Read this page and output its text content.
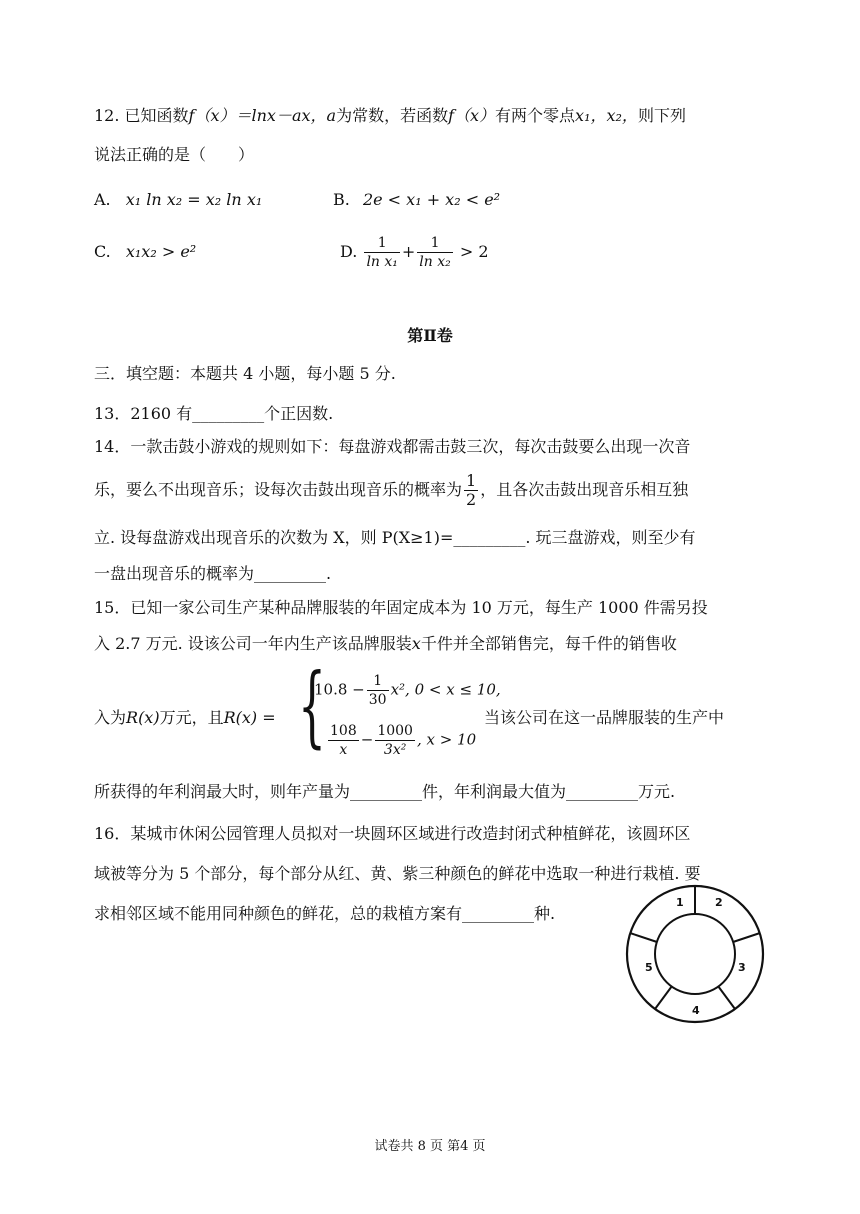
12. 已知函数f（x）＝lnx－ax，a为常数，若函数f（x）有两个零点x₁，x₂，则下列
说法正确的是（　　）
A. x₁ ln x₂ = x₂ ln x₁	B. 2e < x₁ + x₂ < e²
C. x₁x₂ > e²	D. $\frac{1}{\text{ln x₁}} + \frac{1}{\text{ln x₂}} > 2$
第Ⅱ卷
三．填空题：本题共 4 小题，每小题 5 分.
13．2160 有_________个正因数.
14．一款击鼓小游戏的规则如下：每盘游戏都需击鼓三次，每次击鼓要么出现一次音
乐，要么不出现音乐；设每次击鼓出现音乐的概率为 $\frac{1}{2}$ ，且各次击鼓出现音乐相互独
立. 设每盘游戏出现音乐的次数为 X，则 P(X≥1)=_________. 玩三盘游戏，则至少有
一盘出现音乐的概率为_________.
15．已知一家公司生产某种品牌服装的年固定成本为 10 万元，每生产 1000 件需另投
入 2.7 万元. 设该公司一年内生产该品牌服装x千件并全部销售完，每千件的销售收
入为R(x)万元，且R(x) = {
$10.8 - \frac{1}{30} x^2$, 0 < x ≤ 10,
$\frac{108}{x} - \frac{1000}{\text{3x²}}$ , x > 10
当该公司在这一品牌服装的生产中
所获得的年利润最大时，则年产量为_________件，年利润最大值为_________万元.
16．某城市休闲公园管理人员拟对一块圆环区域进行改造封闭式种植鲜花，该圆环区
域被等分为 5 个部分，每个部分从红、黄、紫三种颜色的鲜花中选取一种进行栽植. 要
求相邻区域不能用同种颜色的鲜花，总的栽植方案有_________种.
1	2
3
4
5
试卷共 8 页 第4 页
